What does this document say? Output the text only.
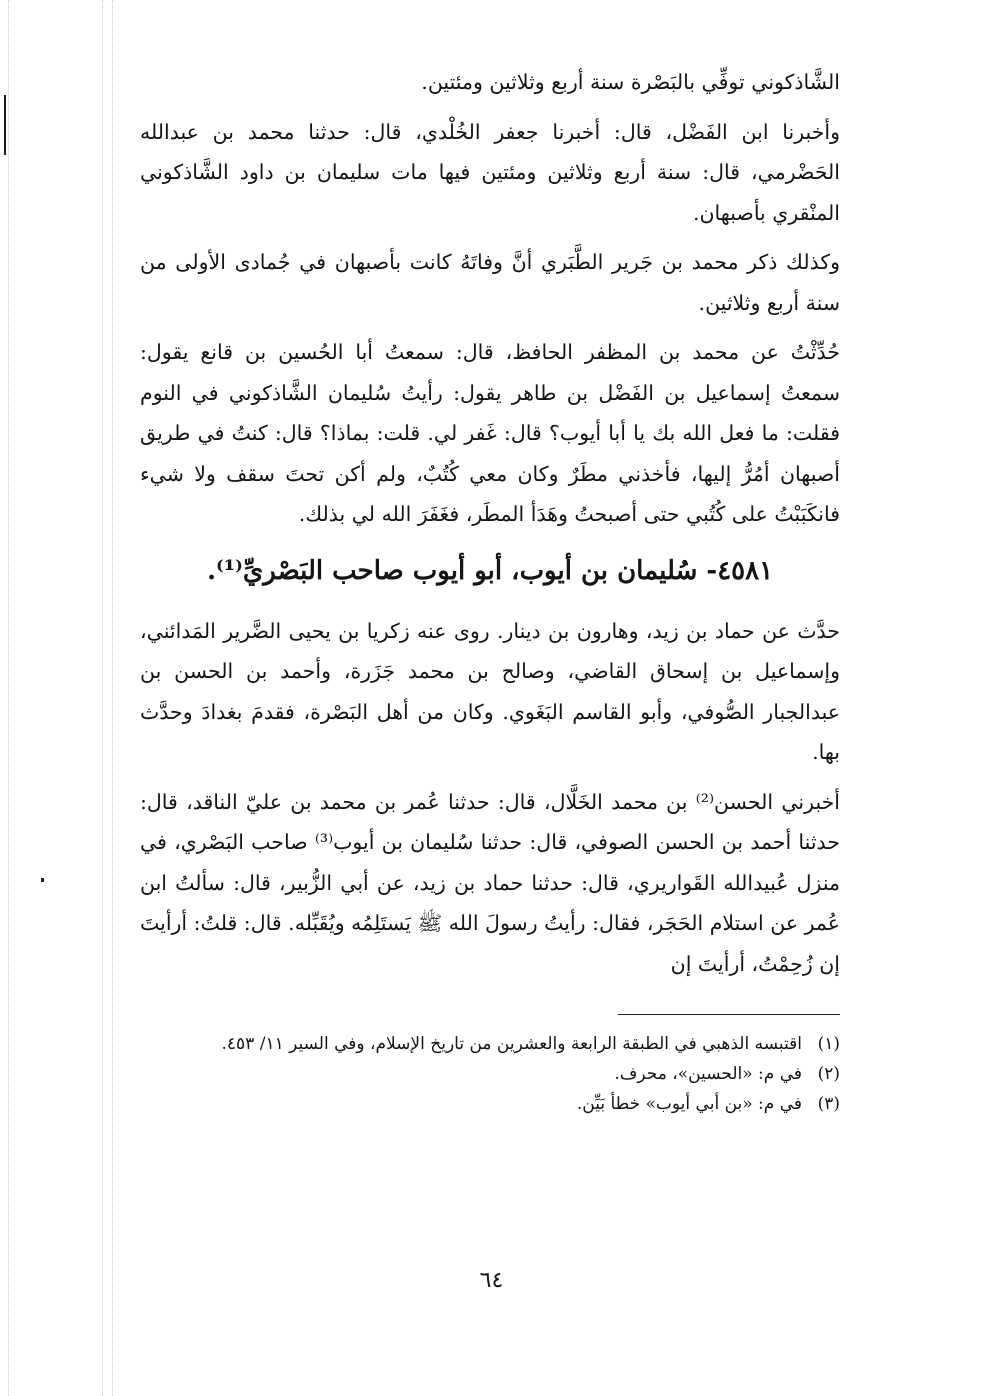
الشَّاذكوني توفِّي بالبَصْرة سنة أربع وثلاثين ومئتين.

وأخبرنا ابن الفَضْل، قال: أخبرنا جعفر الخُلْدي، قال: حدثنا محمد بن عبدالله الحَضْرمي، قال: سنة أربع وثلاثين ومئتين فيها مات سليمان بن داود الشَّاذكوني المنْقري بأصبهان.

وكذلك ذكر محمد بن جَرير الطَّبَري أنَّ وفاتَهُ كانت بأصبهان في جُمادى الأولى من سنة أربع وثلاثين.

حُدِّثْتُ عن محمد بن المظفر الحافظ، قال: سمعتُ أبا الحُسين بن قانع يقول: سمعتُ إسماعيل بن الفَضْل بن طاهر يقول: رأيتُ سُليمان الشَّاذكوني في النوم فقلت: ما فعل الله بك يا أبا أيوب؟ قال: غَفر لي. قلت: بماذا؟ قال: كنتُ في طريق أصبهان أمُرُّ إليها، فأخذني مطَرٌ وكان معي كُتُبٌ، ولم أكن تحتَ سقف ولا شيء فانكَبَبْتُ على كُتُبي حتى أصبحتُ وهَدَأ المطَر، فغَفَرَ الله لي بذلك.

٤٥٨١- سُليمان بن أيوب، أبو أيوب صاحب البَصْريِّ⁽¹⁾.

حدَّث عن حماد بن زيد، وهارون بن دينار. روى عنه زكريا بن يحيى الضَّرير المَدائني، وإسماعيل بن إسحاق القاضي، وصالح بن محمد جَزَرة، وأحمد بن الحسن بن عبدالجبار الصُّوفي، وأبو القاسم البَغَوي. وكان من أهل البَصْرة، فقدمَ بغدادَ وحدَّث بها.

أخبرني الحسن⁽²⁾ بن محمد الخَلَّال، قال: حدثنا عُمر بن محمد بن عليّ الناقد، قال: حدثنا أحمد بن الحسن الصوفي، قال: حدثنا سُليمان بن أيوب⁽³⁾ صاحب البَصْري، في منزل عُبيدالله القَواريري، قال: حدثنا حماد بن زيد، عن أبي الزُّبير، قال: سألتُ ابن عُمر عن استلام الحَجَر، فقال: رأيتُ رسولَ الله ﷺ يَستَلِمُه ويُقَبِّله. قال: قلتُ: أرأيتَ إن زُحِمْتُ، أرأيتَ إن

(١)
اقتبسه الذهبي في الطبقة الرابعة والعشرين من تاريخ الإسلام، وفي السير ١١/ ٤٥٣.
(٢)
في م: «الحسين»، محرف.
(٣)
في م: «بن أبي أيوب» خطأ بَيِّن.
٦٤
